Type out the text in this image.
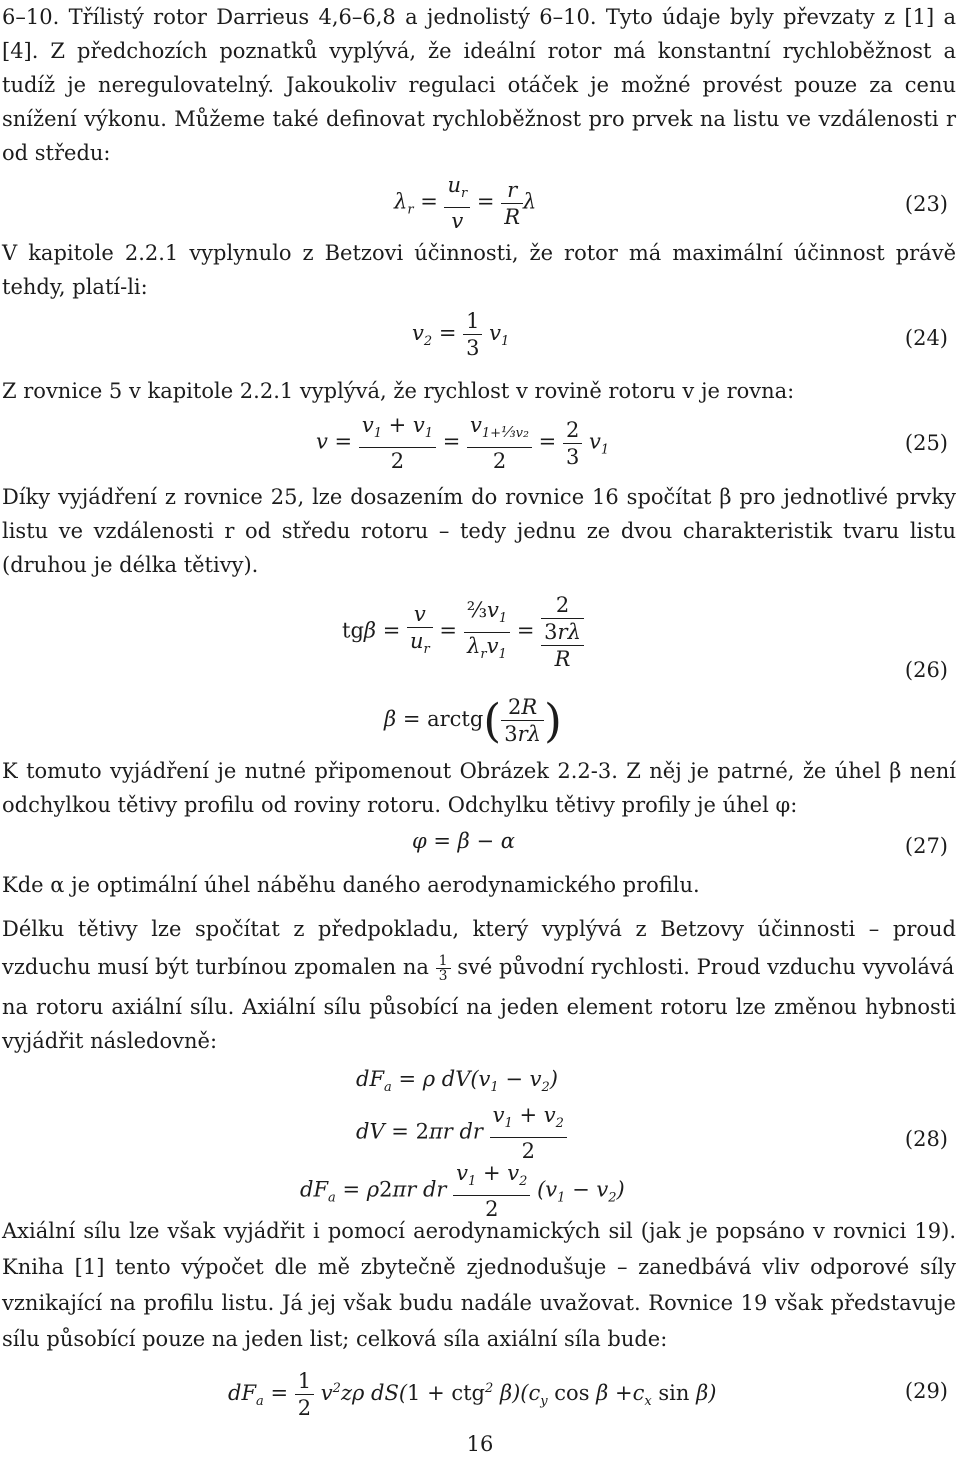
6–10. Třílistý rotor Darrieus 4,6–6,8 a jednolistý 6–10. Tyto údaje byly převzaty z [1] a
[4]. Z předchozích poznatků vyplývá, že ideální rotor má konstantní rychloběžnost a
tudíž je neregulovatelný. Jakoukoliv regulaci otáček je možné provést pouze za cenu
snížení výkonu. Můžeme také definovat rychloběžnost pro prvek na listu ve vzdálenosti r
od středu:
$\lambda_r = \frac{u_r}{v} = \frac{r}{R}$ λ	(23)
V kapitole 2.2.1 vyplynulo z Betzovi účinnosti, že rotor má maximální účinnost právě
tehdy, platí-li:
$v_2 = \frac{1}{3} v_1$	(24)
Z rovnice 5 v kapitole 2.2.1 vyplývá, že rychlost v rovině rotoru v je rovna:
$v = \frac{v_1 + v_1}{2} = \frac{v_{1+\frac{1}{3}v_2}}{2} = \frac{2}{3} v_1$	(25)
Díky vyjádření z rovnice 25, lze dosazením do rovnice 16 spočítat β pro jednotlivé prvky
listu ve vzdálenosti r od středu rotoru – tedy jednu ze dvou charakteristik tvaru listu
(druhou je délka tětivy).
$tg\beta = \frac{v}{u_r} = \frac{\frac{2}{3}v_1}{\lambda_rv_1}$ =
2
3rλ
R
β = arctg( $\frac{2R}{3r\lambda}$ )
(26)
K tomuto vyjádření je nutné připomenout Obrázek 2.2-3. Z něj je patrné, že úhel β není
odchylkou tětivy profilu od roviny rotoru. Odchylku tětivy profily je úhel φ:
φ = β − α	(27)
Kde α je optimální úhel náběhu daného aerodynamického profilu.
Délku tětivy lze spočítat z předpokladu, který vyplývá z Betzovy účinnosti – proud
vzduchu musí být turbínou zpomalen na $\frac{1}{3}$ své původní rychlosti. Proud vzduchu vyvolává
na rotoru axiální sílu. Axiální sílu působící na jeden element rotoru lze změnou hybnosti
vyjádřit následovně:
$dF_a = \rho$ $dV(v_1 - v_2)$
dV = 2πr dr $\frac{v_1 + v_2}{2}$
$dF_a = \rho 2\pi r$ dr $\frac{v_1 + v_2}{2} (v_1 - v_2)$
(28)
Axiální sílu lze však vyjádřit i pomocí aerodynamických sil (jak je popsáno v rovnici 19).
Kniha [1] tento výpočet dle mě zbytečně zjednodušuje – zanedbává vliv odporové síly
vznikající na profilu listu. Já jej však budu nadále uvažovat. Rovnice 19 však představuje
sílu působící pouze na jeden list; celková síla axiální síla bude:
$dF_a = \frac{1}{2} v^2z\rho$ dS(1 + ctg$^2$ $\beta)(c_y$ $\cos \beta +c_x$ sin β)	(29)
16
